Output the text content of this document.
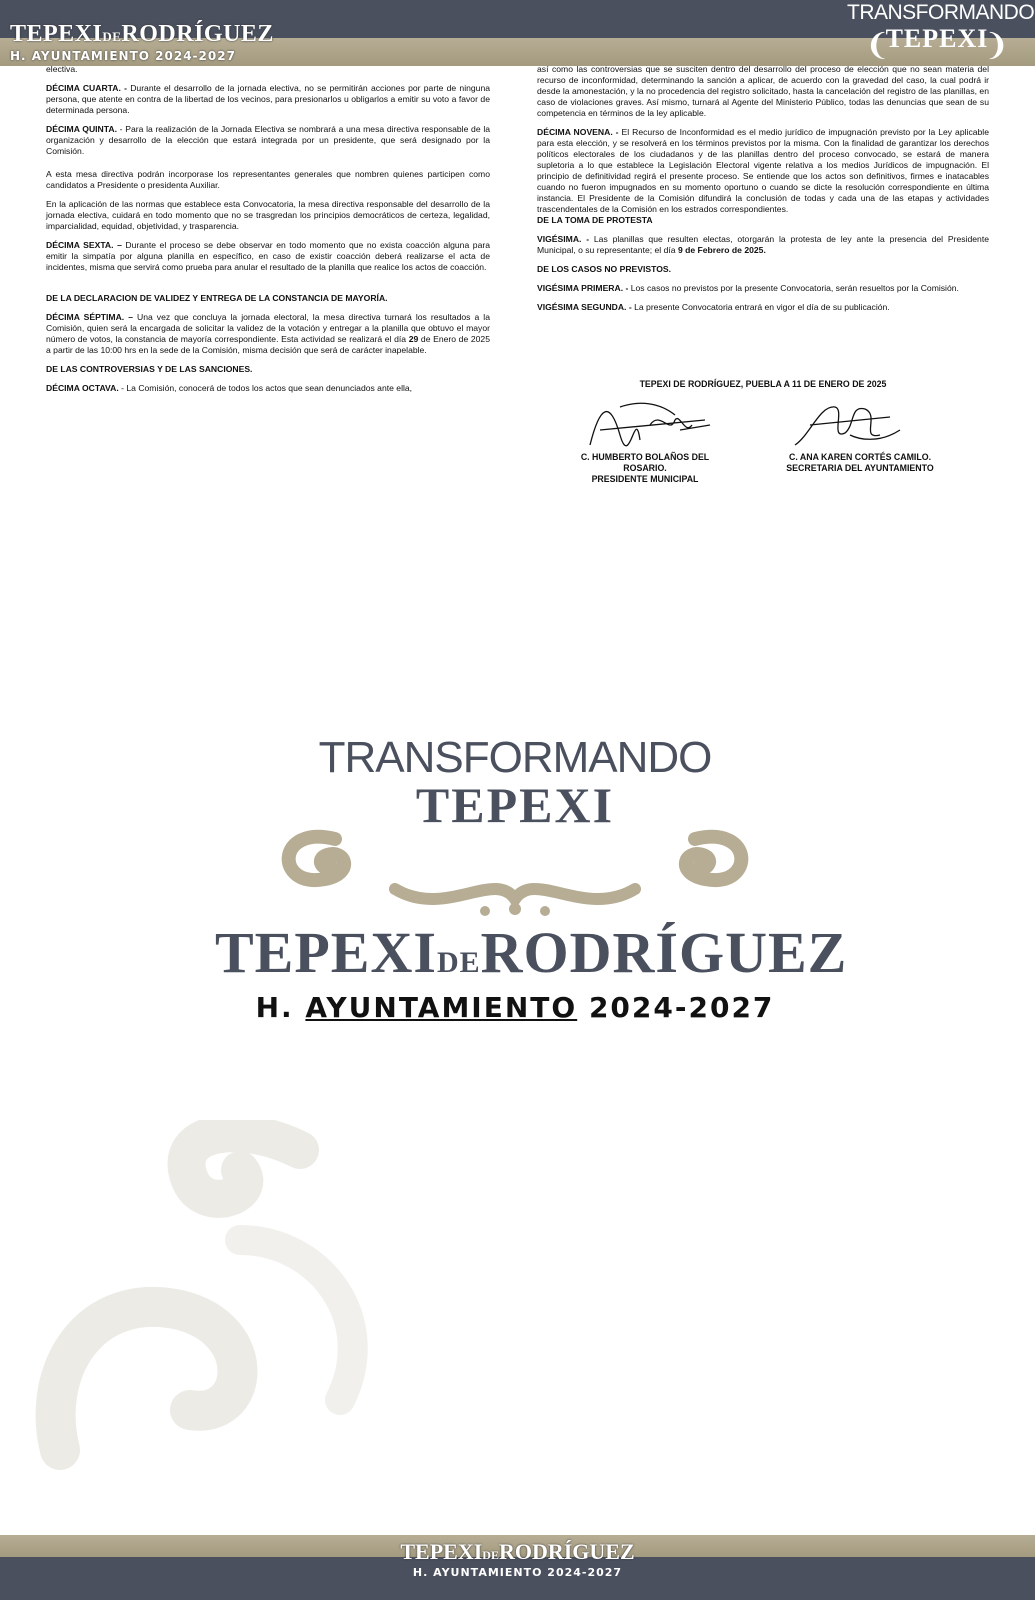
TEPEXIDERODRÍGUEZ
H. AYUNTAMIENTO 2024-2027
TRANSFORMANDO
TEPEXI
❨	❩

electiva.

DÉCIMA CUARTA. - Durante el desarrollo de la jornada electiva, no se permitirán acciones por parte de ninguna persona, que atente en contra de la libertad de los vecinos, para presionarlos u obligarlos a emitir su voto a favor de determinada persona.

DÉCIMA QUINTA. - Para la realización de la Jornada Electiva se nombrará a una mesa directiva responsable de la organización y desarrollo de la elección que estará integrada por un presidente, que será designado por la Comisión.

A esta mesa directiva podrán incorporase los representantes generales que nombren quienes participen como candidatos a Presidente o presidenta Auxiliar.

En la aplicación de las normas que establece esta Convocatoria, la mesa directiva responsable del desarrollo de la jornada electiva, cuidará en todo momento que no se trasgredan los principios democráticos de certeza, legalidad, imparcialidad, equidad, objetividad, y trasparencia.

DÉCIMA SEXTA. – Durante el proceso se debe observar en todo momento que no exista coacción alguna para emitir la simpatía por alguna planilla en específico, en caso de existir coacción deberá realizarse el acta de incidentes, misma que servirá como prueba para anular el resultado de la planilla que realice los actos de coacción.

DE LA DECLARACION DE VALIDEZ Y ENTREGA DE LA CONSTANCIA DE MAYORÍA.

DÉCIMA SÉPTIMA. – Una vez que concluya la jornada electoral, la mesa directiva turnará los resultados a la Comisión, quien será la encargada de solicitar la validez de la votación y entregar a la planilla que obtuvo el mayor número de votos, la constancia de mayoría correspondiente. Esta actividad se realizará el día 29 de Enero de 2025 a partir de las 10:00 hrs en la sede de la Comisión, misma decisión que será de carácter inapelable.

DE LAS CONTROVERSIAS Y DE LAS SANCIONES.

DÉCIMA OCTAVA. - La Comisión, conocerá de todos los actos que sean denunciados ante ella,

así como las controversias que se susciten dentro del desarrollo del proceso de elección que no sean materia del recurso de inconformidad, determinando la sanción a aplicar, de acuerdo con la gravedad del caso, la cual podrá ir desde la amonestación, y la no procedencia del registro solicitado, hasta la cancelación del registro de las planillas, en caso de violaciones graves. Así mismo, turnará al Agente del Ministerio Público, todas las denuncias que sean de su competencia en términos de la ley aplicable.

DÉCIMA NOVENA. - El Recurso de Inconformidad es el medio jurídico de impugnación previsto por la Ley aplicable para esta elección, y se resolverá en los términos previstos por la misma. Con la finalidad de garantizar los derechos políticos electorales de los ciudadanos y de las planillas dentro del proceso convocado, se estará de manera supletoria a lo que establece la Legislación Electoral vigente relativa a los medios Jurídicos de impugnación. El principio de definitividad regirá el presente proceso. Se entiende que los actos son definitivos, firmes e inatacables cuando no fueron impugnados en su momento oportuno o cuando se dicte la resolución correspondiente en última instancia. El Presidente de la Comisión difundirá la conclusión de todas y cada una de las etapas y actividades trascendentales de la Comisión en los estrados correspondientes.

DE LA TOMA DE PROTESTA

VIGÉSIMA. - Las planillas que resulten electas, otorgarán la protesta de ley ante la presencia del Presidente Municipal, o su representante; el día 9 de Febrero de 2025.

DE LOS CASOS NO PREVISTOS.

VIGÉSIMA PRIMERA. - Los casos no previstos por la presente Convocatoria, serán resueltos por la Comisión.

VIGÉSIMA SEGUNDA. - La presente Convocatoria entrará en vigor el día de su publicación.

TEPEXI DE RODRÍGUEZ, PUEBLA A 11 DE ENERO DE 2025
C. HUMBERTO BOLAÑOS DEL
ROSARIO.
PRESIDENTE MUNICIPAL
C. ANA KAREN CORTÉS CAMILO.
SECRETARIA DEL AYUNTAMIENTO
TRANSFORMANDO
TEPEXI
TEPEXIDERODRÍGUEZ
H. AYUNTAMIENTO 2024-2027
TEPEXIDERODRÍGUEZ
H. AYUNTAMIENTO 2024-2027
